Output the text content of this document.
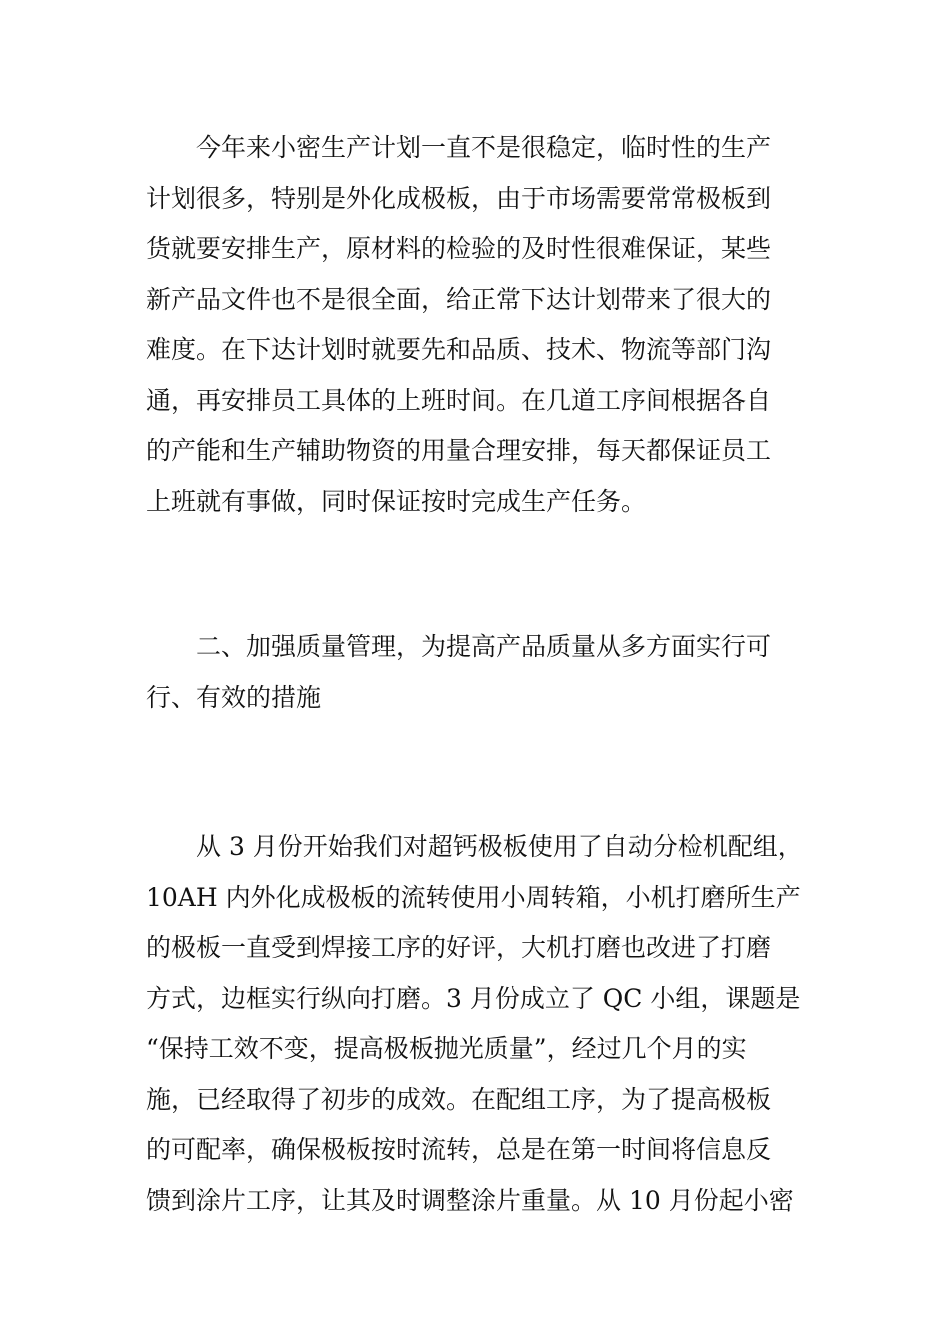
今年来小密生产计划一直不是很稳定，临时性的生产
计划很多，特别是外化成极板，由于市场需要常常极板到
货就要安排生产，原材料的检验的及时性很难保证，某些
新产品文件也不是很全面，给正常下达计划带来了很大的
难度。在下达计划时就要先和品质、技术、物流等部门沟
通，再安排员工具体的上班时间。在几道工序间根据各自
的产能和生产辅助物资的用量合理安排，每天都保证员工
上班就有事做，同时保证按时完成生产任务。
二、加强质量管理，为提高产品质量从多方面实行可
行、有效的措施
从 3 月份开始我们对超钙极板使用了自动分检机配组，
10AH 内外化成极板的流转使用小周转箱，小机打磨所生产
的极板一直受到焊接工序的好评，大机打磨也改进了打磨
方式，边框实行纵向打磨。3 月份成立了 QC 小组，课题是
“保持工效不变，提高极板抛光质量”，经过几个月的实
施，已经取得了初步的成效。在配组工序，为了提高极板
的可配率，确保极板按时流转，总是在第一时间将信息反
馈到涂片工序，让其及时调整涂片重量。从 10 月份起小密
